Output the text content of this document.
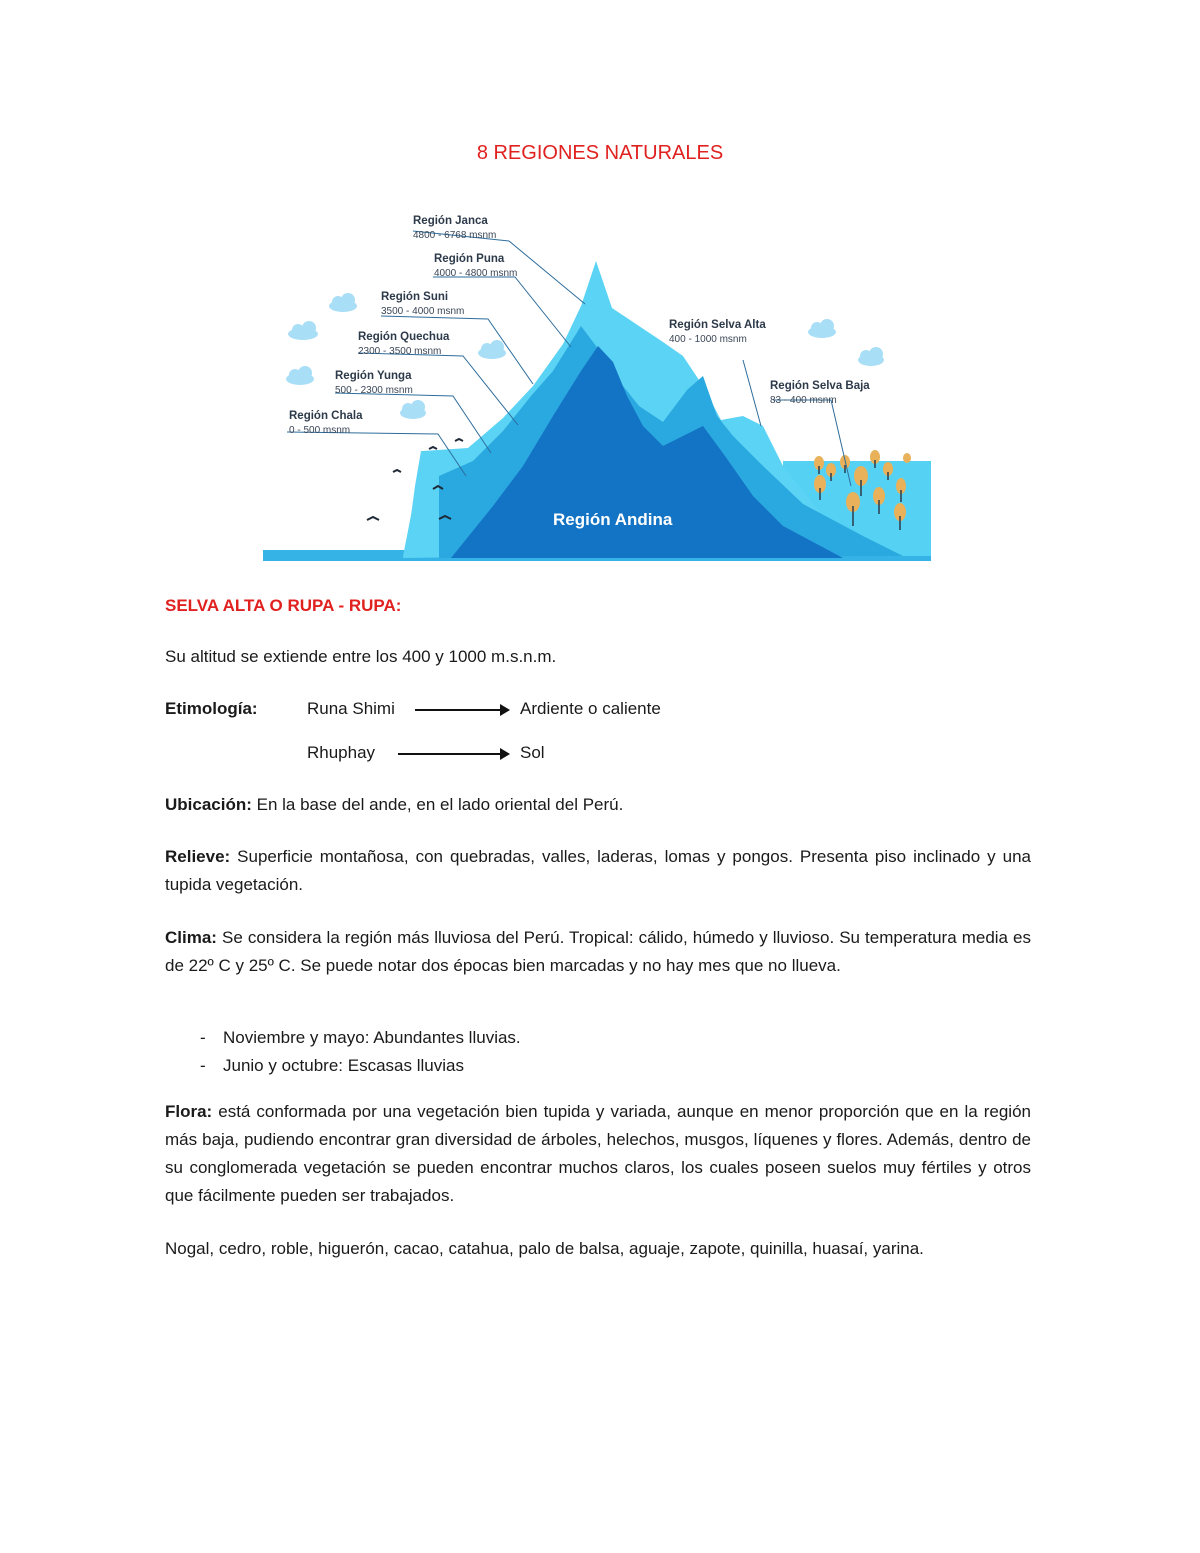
8 REGIONES NATURALES
Región Andina
Región Janca
4800 - 6768 msnm
Región Puna
4000 - 4800 msnm
Región Suni
3500 - 4000 msnm
Región Quechua
2300 - 3500 msnm
Región Yunga
500 - 2300 msnm
Región Chala
0 - 500 msnm
Región Selva Alta
400 - 1000 msnm
Región Selva Baja
83 - 400 msnm
SELVA ALTA O RUPA - RUPA:
Su altitud se extiende entre los 400 y 1000 m.s.n.m.
Etimología:	Runa Shimi	Ardiente o caliente
Rhuphay	Sol
Ubicación: En la base del ande, en el lado oriental del Perú.
Relieve: Superficie montañosa, con quebradas, valles, laderas, lomas y pongos. Presenta piso inclinado y una tupida vegetación.
Clima: Se considera la región más lluviosa del Perú. Tropical: cálido, húmedo y lluvioso. Su temperatura media es de 22º C y 25º C. Se puede notar dos épocas bien marcadas y no hay mes que no llueva.
- Noviembre y mayo: Abundantes lluvias.
- Junio y octubre: Escasas lluvias
Flora: está conformada por una vegetación bien tupida y variada, aunque en menor proporción que en la región más baja, pudiendo encontrar gran diversidad de árboles, helechos, musgos, líquenes y flores. Además, dentro de su conglomerada vegetación se pueden encontrar muchos claros, los cuales poseen suelos muy fértiles y otros que fácilmente pueden ser trabajados.
Nogal, cedro, roble, higuerón, cacao, catahua, palo de balsa, aguaje, zapote, quinilla, huasaí, yarina.
